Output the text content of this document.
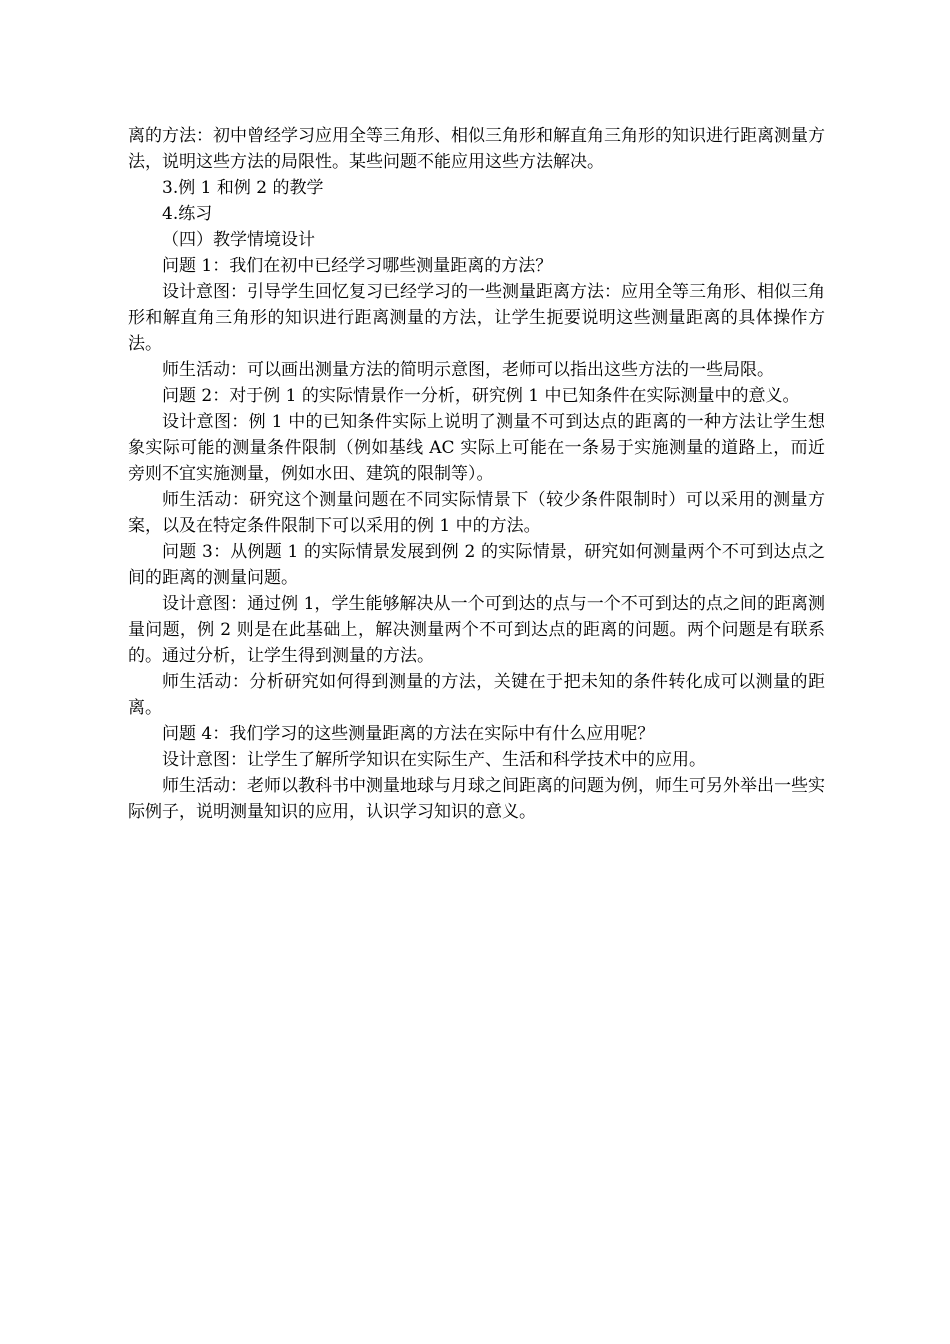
离的方法：初中曾经学习应用全等三角形、相似三角形和解直角三角形的知识进行距离测量方法，说明这些方法的局限性。某些问题不能应用这些方法解决。

3.例 1 和例 2 的教学

4.练习

（四）教学情境设计

问题 1：我们在初中已经学习哪些测量距离的方法？

设计意图：引导学生回忆复习已经学习的一些测量距离方法：应用全等三角形、相似三角形和解直角三角形的知识进行距离测量的方法，让学生扼要说明这些测量距离的具体操作方法。

师生活动：可以画出测量方法的简明示意图，老师可以指出这些方法的一些局限。

问题 2：对于例 1 的实际情景作一分析，研究例 1 中已知条件在实际测量中的意义。

设计意图：例 1 中的已知条件实际上说明了测量不可到达点的距离的一种方法让学生想象实际可能的测量条件限制（例如基线 AC 实际上可能在一条易于实施测量的道路上，而近旁则不宜实施测量，例如水田、建筑的限制等）。

师生活动：研究这个测量问题在不同实际情景下（较少条件限制时）可以采用的测量方案，以及在特定条件限制下可以采用的例 1 中的方法。

问题 3：从例题 1 的实际情景发展到例 2 的实际情景，研究如何测量两个不可到达点之间的距离的测量问题。

设计意图：通过例 1，学生能够解决从一个可到达的点与一个不可到达的点之间的距离测量问题，例 2 则是在此基础上，解决测量两个不可到达点的距离的问题。两个问题是有联系的。通过分析，让学生得到测量的方法。

师生活动：分析研究如何得到测量的方法，关键在于把未知的条件转化成可以测量的距离。

问题 4：我们学习的这些测量距离的方法在实际中有什么应用呢？

设计意图：让学生了解所学知识在实际生产、生活和科学技术中的应用。

师生活动：老师以教科书中测量地球与月球之间距离的问题为例，师生可另外举出一些实际例子，说明测量知识的应用，认识学习知识的意义。
